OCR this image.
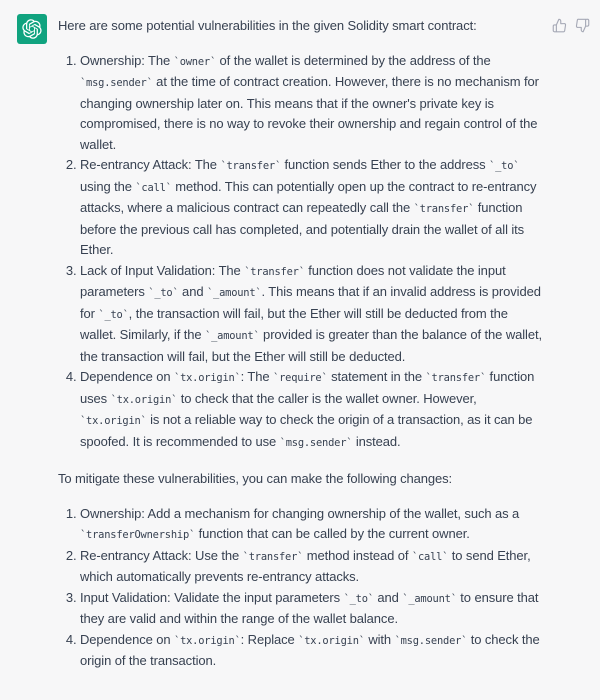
Here are some potential vulnerabilities in the given Solidity smart contract:

1. Ownership: The `owner` of the wallet is determined by the address of the `msg.sender` at the time of contract creation. However, there is no mechanism for changing ownership later on. This means that if the owner's private key is compromised, there is no way to revoke their ownership and regain control of the wallet.
2. Re-entrancy Attack: The `transfer` function sends Ether to the address `_to` using the `call` method. This can potentially open up the contract to re-entrancy attacks, where a malicious contract can repeatedly call the `transfer` function before the previous call has completed, and potentially drain the wallet of all its Ether.
3. Lack of Input Validation: The `transfer` function does not validate the input parameters `_to` and `_amount`. This means that if an invalid address is provided for `_to`, the transaction will fail, but the Ether will still be deducted from the wallet. Similarly, if the `_amount` provided is greater than the balance of the wallet, the transaction will fail, but the Ether will still be deducted.
4. Dependence on `tx.origin`: The `require` statement in the `transfer` function uses `tx.origin` to check that the caller is the wallet owner. However, `tx.origin` is not a reliable way to check the origin of a transaction, as it can be spoofed. It is recommended to use `msg.sender` instead.

To mitigate these vulnerabilities, you can make the following changes:

1. Ownership: Add a mechanism for changing ownership of the wallet, such as a `transferOwnership` function that can be called by the current owner.
2. Re-entrancy Attack: Use the `transfer` method instead of `call` to send Ether, which automatically prevents re-entrancy attacks.
3. Input Validation: Validate the input parameters `_to` and `_amount` to ensure that they are valid and within the range of the wallet balance.
4. Dependence on `tx.origin`: Replace `tx.origin` with `msg.sender` to check the origin of the transaction.
